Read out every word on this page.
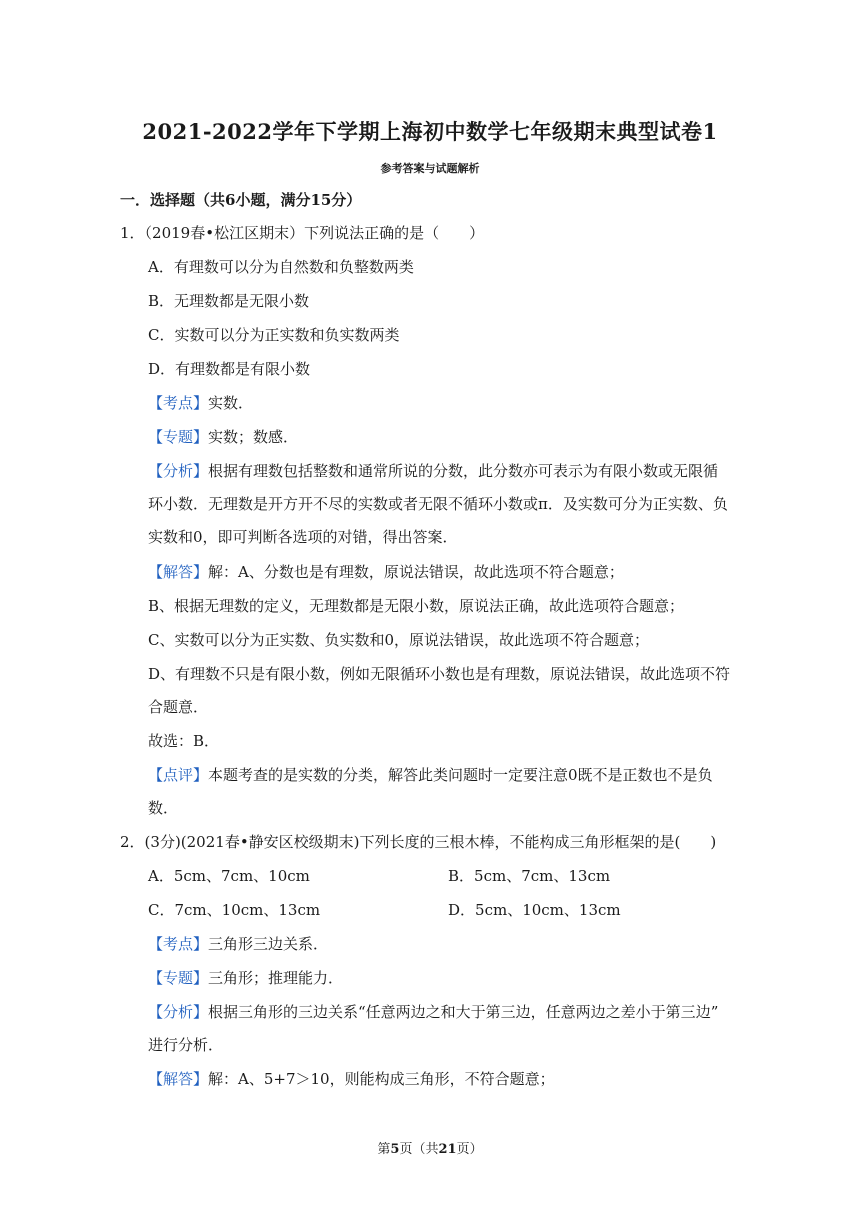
2021-2022学年下学期上海初中数学七年级期末典型试卷1
参考答案与试题解析
一．选择题（共6小题，满分15分）
1．（2019春•松江区期末）下列说法正确的是（　　）
A．有理数可以分为自然数和负整数两类
B．无理数都是无限小数
C．实数可以分为正实数和负实数两类
D．有理数都是有限小数
【考点】实数．
【专题】实数；数感．
【分析】根据有理数包括整数和通常所说的分数，此分数亦可表示为有限小数或无限循
环小数．无理数是开方开不尽的实数或者无限不循环小数或π．及实数可分为正实数、负
实数和0，即可判断各选项的对错，得出答案．
【解答】解：A、分数也是有理数，原说法错误，故此选项不符合题意；
B、根据无理数的定义，无理数都是无限小数，原说法正确，故此选项符合题意；
C、实数可以分为正实数、负实数和0，原说法错误，故此选项不符合题意；
D、有理数不只是有限小数，例如无限循环小数也是有理数，原说法错误，故此选项不符
合题意．
故选：B．
【点评】本题考查的是实数的分类，解答此类问题时一定要注意0既不是正数也不是负
数．
2．(3分)(2021春•静安区校级期末)下列长度的三根木棒，不能构成三角形框架的是(　　)
A．5cm、7cm、10cm	B．5cm、7cm、13cm
C．7cm、10cm、13cm	D．5cm、10cm、13cm
【考点】三角形三边关系．
【专题】三角形；推理能力．
【分析】根据三角形的三边关系“任意两边之和大于第三边，任意两边之差小于第三边”
进行分析．
【解答】解：A、5+7＞10，则能构成三角形，不符合题意；
第5页（共21页）
